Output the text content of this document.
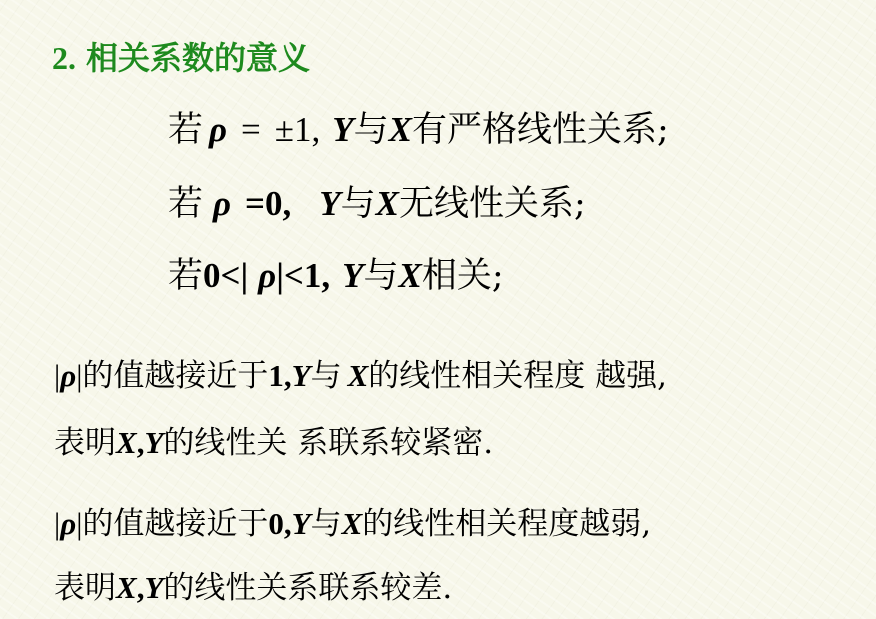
2. 相关系数的意义
若 ρ = ±1, Y与X有严格线性关系;
若 ρ =0, Y与X无线性关系;
若0<| ρ|<1, Y与X相关;
|ρ|的值越接近于1,Y与 X的线性相关程度 越强,
表明X,Y的线性关 系联系较紧密.
|ρ|的值越接近于0,Y与X的线性相关程度越弱,
表明X,Y的线性关系联系较差.
